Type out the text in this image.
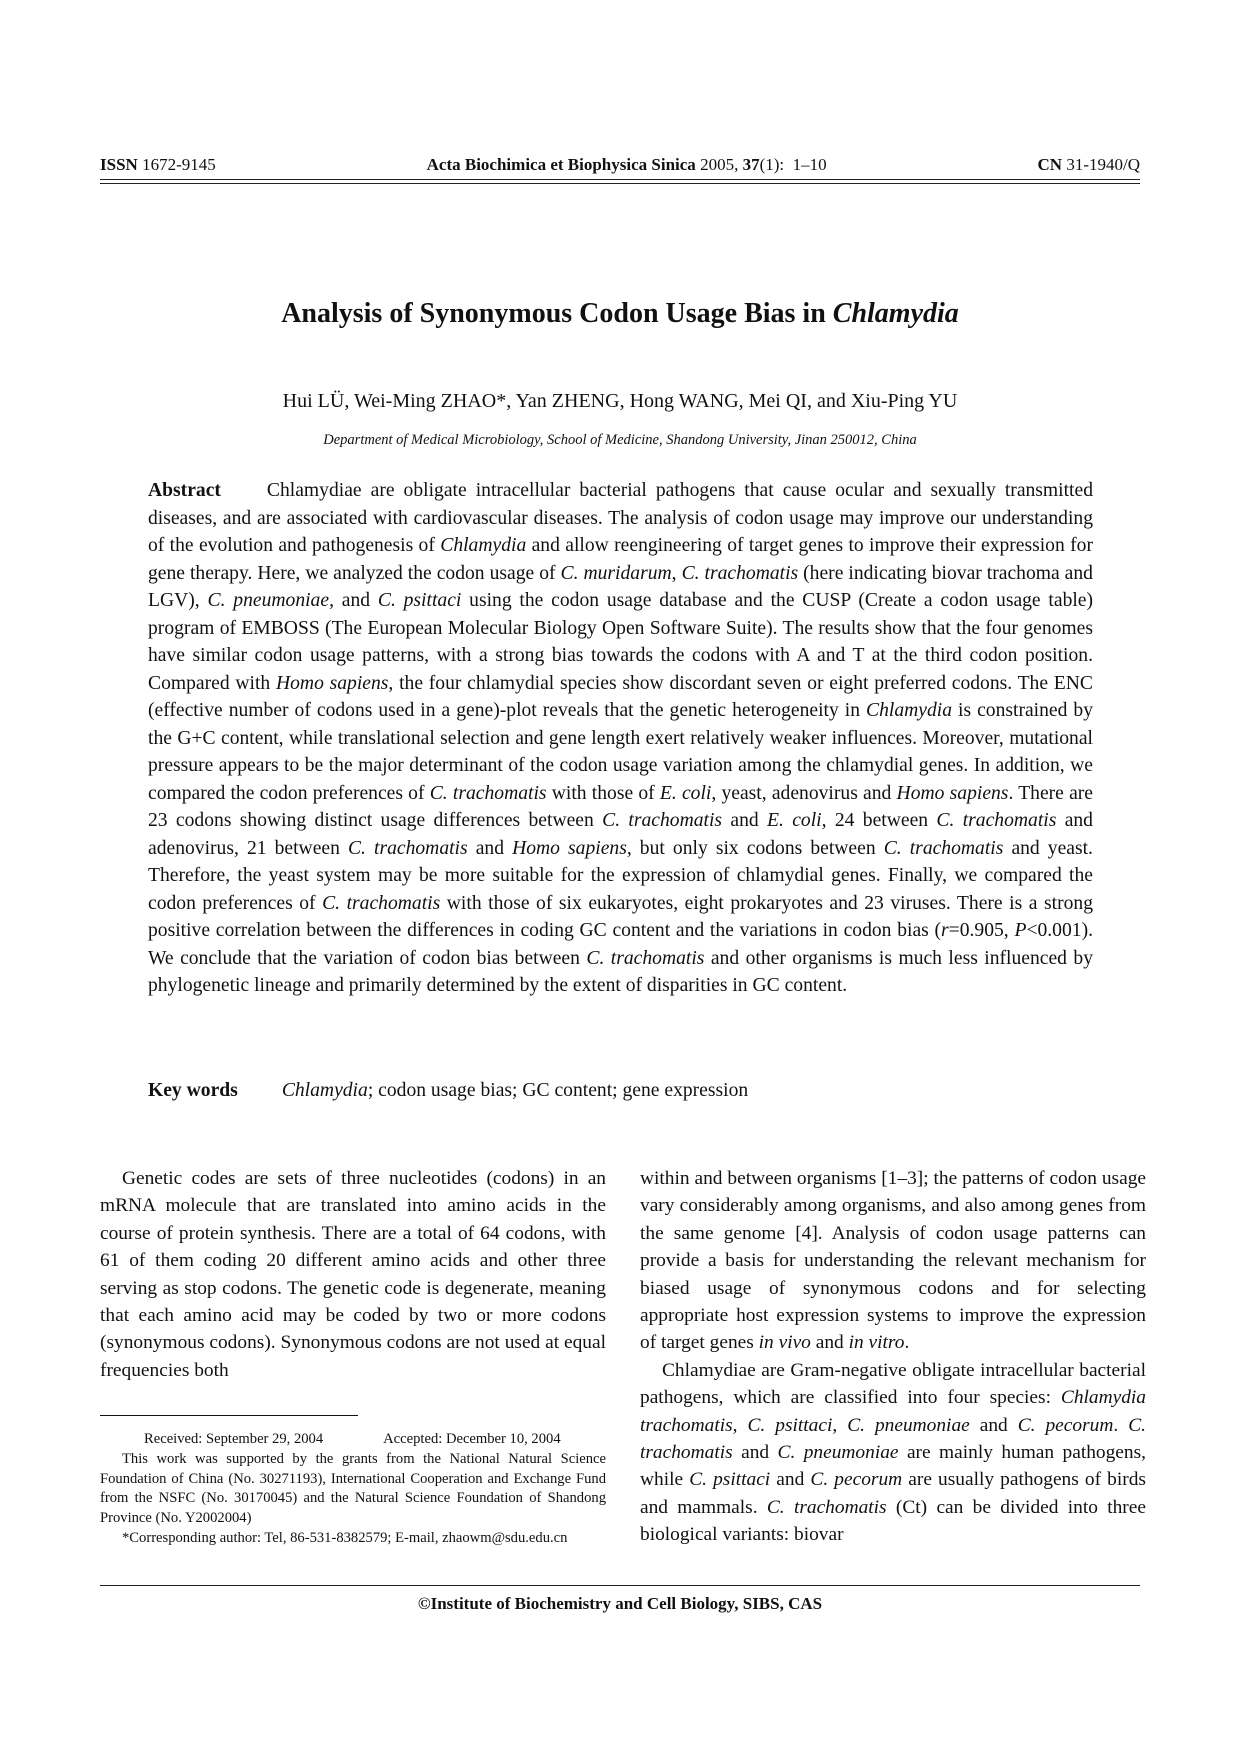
ISSN 1672-9145	Acta Biochimica et Biophysica Sinica 2005, 37(1): 1–10	CN 31-1940/Q
Analysis of Synonymous Codon Usage Bias in Chlamydia
Hui LÜ, Wei-Ming ZHAO*, Yan ZHENG, Hong WANG, Mei QI, and Xiu-Ping YU
Department of Medical Microbiology, School of Medicine, Shandong University, Jinan 250012, China
Abstract Chlamydiae are obligate intracellular bacterial pathogens that cause ocular and sexually transmitted diseases, and are associated with cardiovascular diseases. The analysis of codon usage may improve our understanding of the evolution and pathogenesis of Chlamydia and allow reengineering of target genes to improve their expression for gene therapy. Here, we analyzed the codon usage of C. muridarum, C. trachomatis (here indicating biovar trachoma and LGV), C. pneumoniae, and C. psittaci using the codon usage database and the CUSP (Create a codon usage table) program of EMBOSS (The European Molecular Biology Open Software Suite). The results show that the four genomes have similar codon usage patterns, with a strong bias towards the codons with A and T at the third codon position. Compared with Homo sapiens, the four chlamydial species show discordant seven or eight preferred codons. The ENC (effective number of codons used in a gene)-plot reveals that the genetic heterogeneity in Chlamydia is constrained by the G+C content, while translational selection and gene length exert relatively weaker influences. Moreover, mutational pressure appears to be the major determinant of the codon usage variation among the chlamydial genes. In addition, we compared the codon preferences of C. trachomatis with those of E. coli, yeast, adenovirus and Homo sapiens. There are 23 codons showing distinct usage differences between C. trachomatis and E. coli, 24 between C. trachomatis and adenovirus, 21 between C. trachomatis and Homo sapiens, but only six codons between C. trachomatis and yeast. Therefore, the yeast system may be more suitable for the expression of chlamydial genes. Finally, we compared the codon preferences of C. trachomatis with those of six eukaryotes, eight prokaryotes and 23 viruses. There is a strong positive correlation between the differences in coding GC content and the variations in codon bias (r=0.905, P<0.001). We conclude that the variation of codon bias between C. trachomatis and other organisms is much less influenced by phylogenetic lineage and primarily determined by the extent of disparities in GC content.
Key words Chlamydia; codon usage bias; GC content; gene expression

Genetic codes are sets of three nucleotides (codons) in an mRNA molecule that are translated into amino acids in the course of protein synthesis. There are a total of 64 codons, with 61 of them coding 20 different amino acids and other three serving as stop codons. The genetic code is degenerate, meaning that each amino acid may be coded by two or more codons (synonymous codons). Synonymous codons are not used at equal frequencies both

Received: September 29, 2004	Accepted: December 10, 2004

This work was supported by the grants from the National Natural Science Foundation of China (No. 30271193), International Cooperation and Exchange Fund from the NSFC (No. 30170045) and the Natural Science Foundation of Shandong Province (No. Y2002004)

*Corresponding author: Tel, 86-531-8382579; E-mail, zhaowm@sdu.edu.cn

within and between organisms [1–3]; the patterns of codon usage vary considerably among organisms, and also among genes from the same genome [4]. Analysis of codon usage patterns can provide a basis for understanding the relevant mechanism for biased usage of synonymous codons and for selecting appropriate host expression systems to improve the expression of target genes in vivo and in vitro.

Chlamydiae are Gram-negative obligate intracellular bacterial pathogens, which are classified into four species: Chlamydia trachomatis, C. psittaci, C. pneumoniae and C. pecorum. C. trachomatis and C. pneumoniae are mainly human pathogens, while C. psittaci and C. pecorum are usually pathogens of birds and mammals. C. trachomatis (Ct) can be divided into three biological variants: biovar

©Institute of Biochemistry and Cell Biology, SIBS, CAS
